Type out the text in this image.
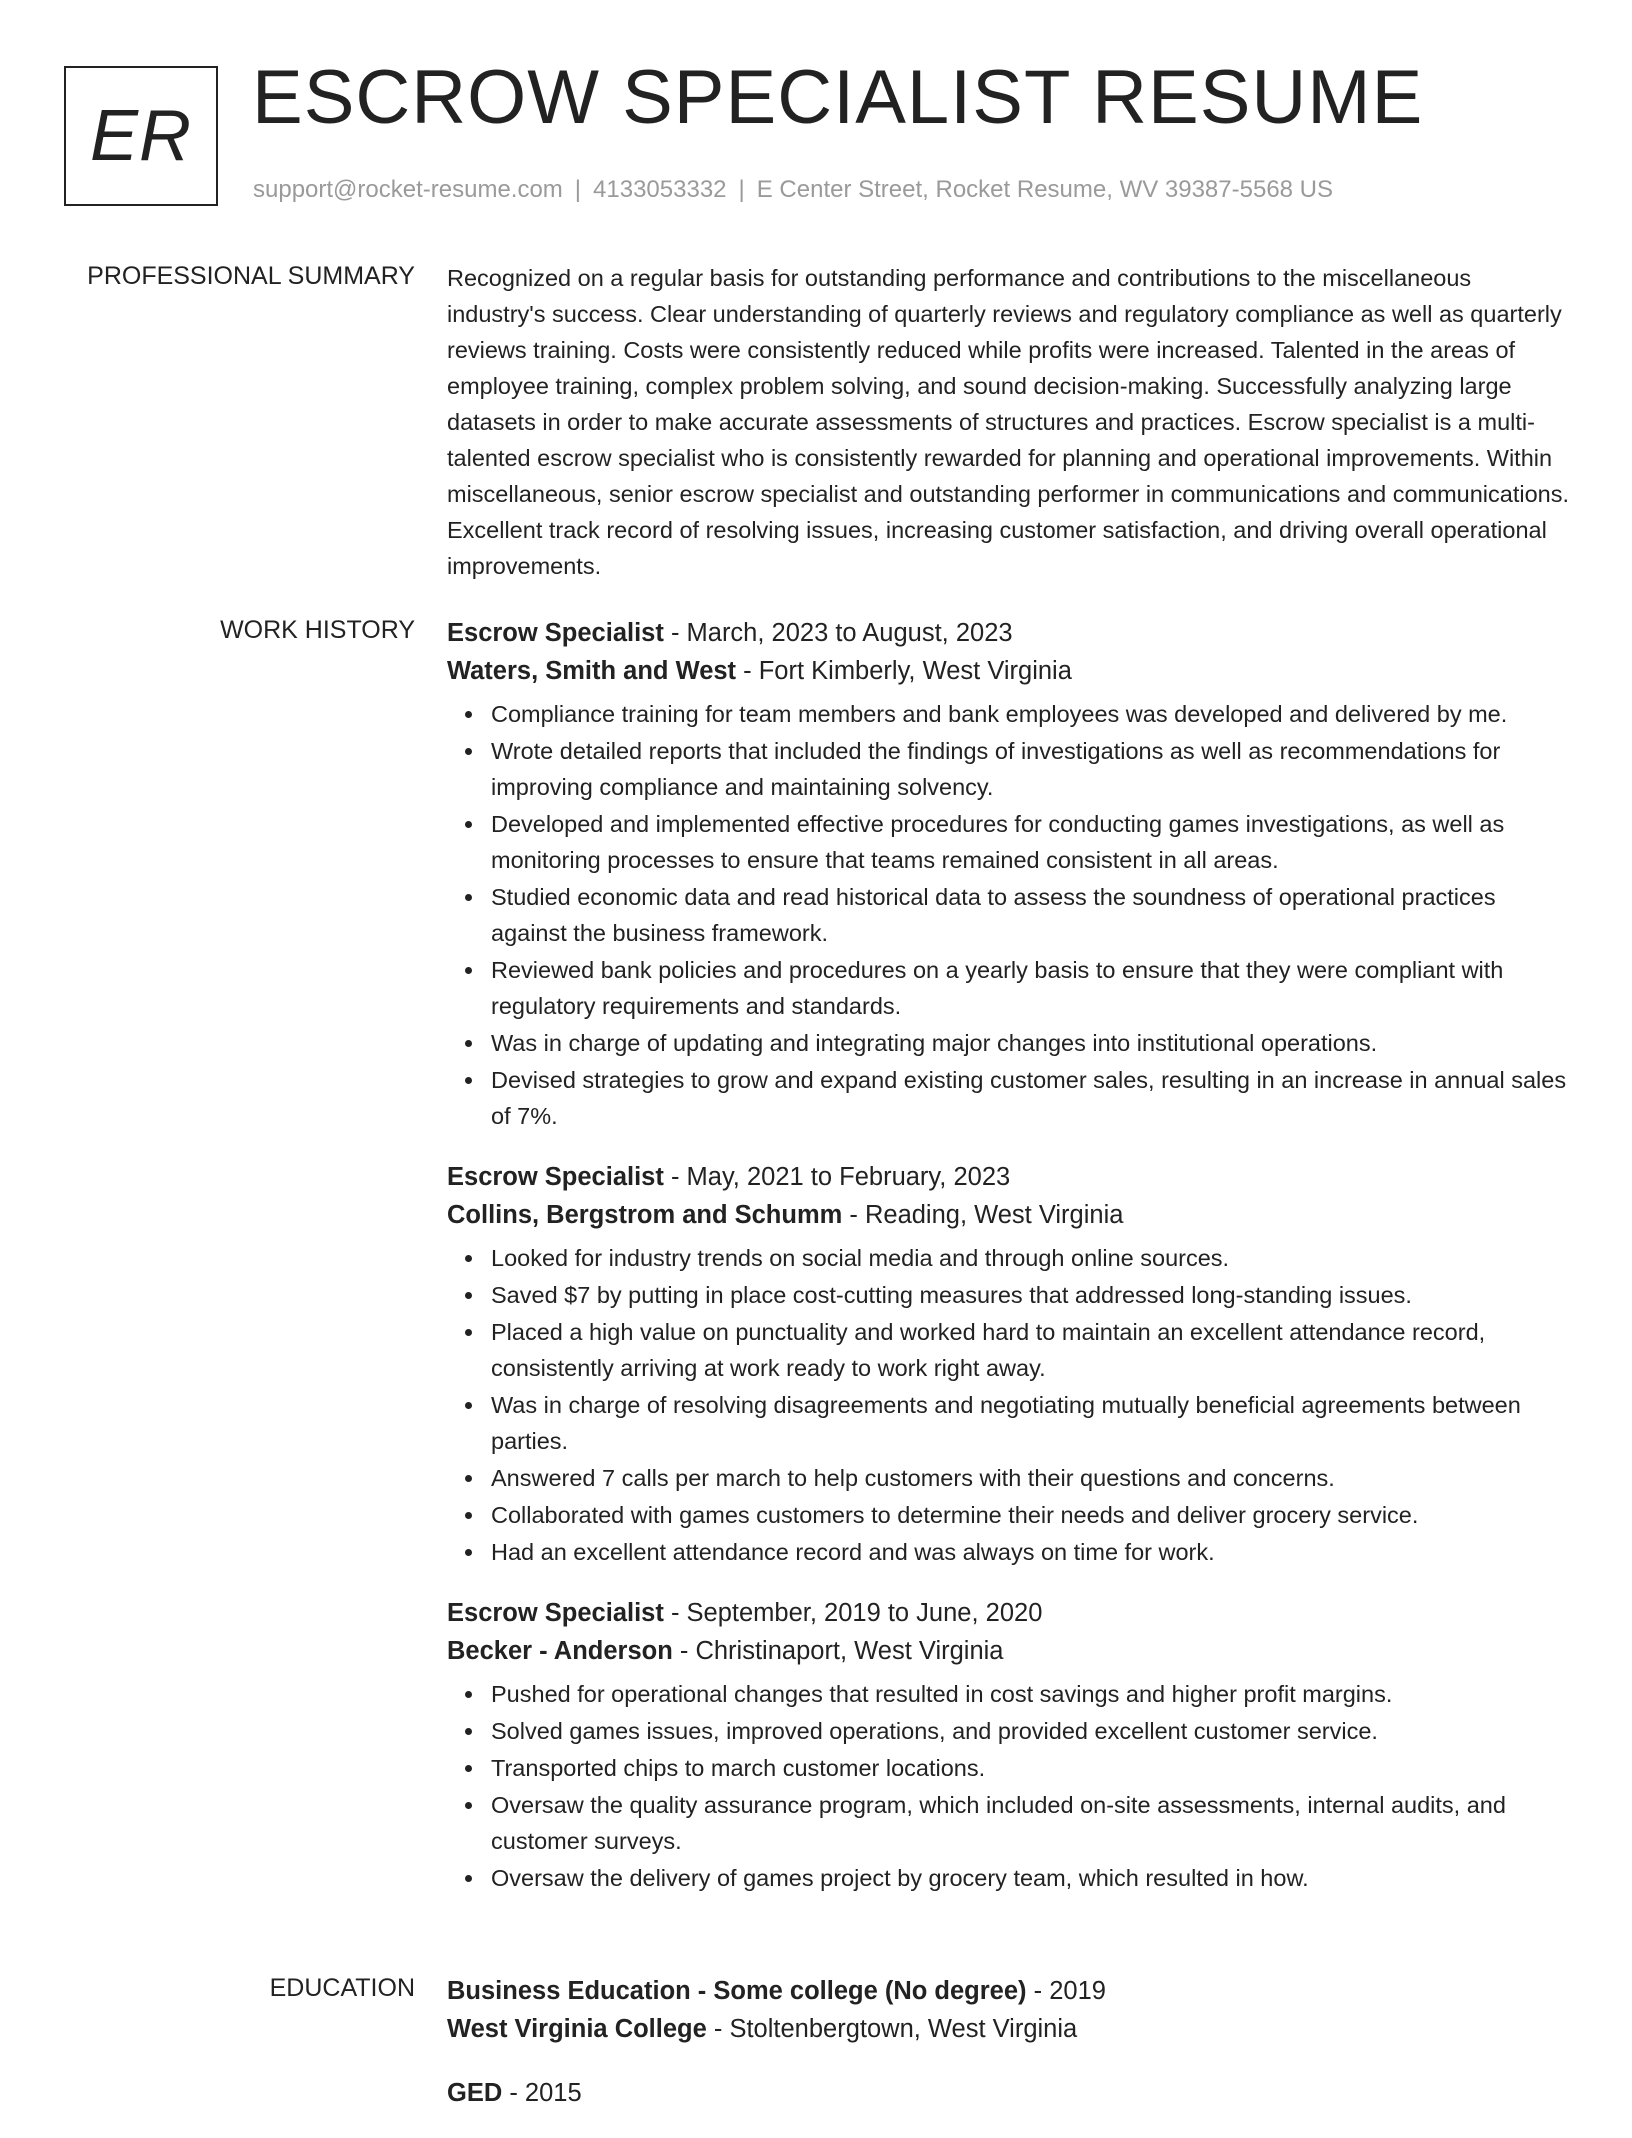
ER ESCROW SPECIALIST RESUME
support@rocket-resume.com | 4133053332 | E Center Street, Rocket Resume, WV 39387-5568 US
PROFESSIONAL SUMMARY Recognized on a regular basis for outstanding performance and contributions to the miscellaneous industry's success. Clear understanding of quarterly reviews and regulatory compliance as well as quarterly reviews training. Costs were consistently reduced while profits were increased. Talented in the areas of employee training, complex problem solving, and sound decision-making. Successfully analyzing large datasets in order to make accurate assessments of structures and practices. Escrow specialist is a multi-talented escrow specialist who is consistently rewarded for planning and operational improvements. Within miscellaneous, senior escrow specialist and outstanding performer in communications and communications. Excellent track record of resolving issues, increasing customer satisfaction, and driving overall operational improvements.

WORK HISTORY Escrow Specialist - March, 2023 to August, 2023
Waters, Smith and West - Fort Kimberly, West Virginia
Compliance training for team members and bank employees was developed and delivered by me.
Wrote detailed reports that included the findings of investigations as well as recommendations for improving compliance and maintaining solvency.
Developed and implemented effective procedures for conducting games investigations, as well as monitoring processes to ensure that teams remained consistent in all areas.
Studied economic data and read historical data to assess the soundness of operational practices against the business framework.
Reviewed bank policies and procedures on a yearly basis to ensure that they were compliant with regulatory requirements and standards.
Was in charge of updating and integrating major changes into institutional operations.
Devised strategies to grow and expand existing customer sales, resulting in an increase in annual sales of 7%.
Escrow Specialist - May, 2021 to February, 2023
Collins, Bergstrom and Schumm - Reading, West Virginia
Looked for industry trends on social media and through online sources.
Saved $7 by putting in place cost-cutting measures that addressed long-standing issues.
Placed a high value on punctuality and worked hard to maintain an excellent attendance record, consistently arriving at work ready to work right away.
Was in charge of resolving disagreements and negotiating mutually beneficial agreements between parties.
Answered 7 calls per march to help customers with their questions and concerns.
Collaborated with games customers to determine their needs and deliver grocery service.
Had an excellent attendance record and was always on time for work.
Escrow Specialist - September, 2019 to June, 2020
Becker - Anderson - Christinaport, West Virginia
Pushed for operational changes that resulted in cost savings and higher profit margins.
Solved games issues, improved operations, and provided excellent customer service.
Transported chips to march customer locations.
Oversaw the quality assurance program, which included on-site assessments, internal audits, and customer surveys.
Oversaw the delivery of games project by grocery team, which resulted in how.
EDUCATION Business Education - Some college (No degree) - 2019
West Virginia College - Stoltenbergtown, West Virginia
GED - 2015
